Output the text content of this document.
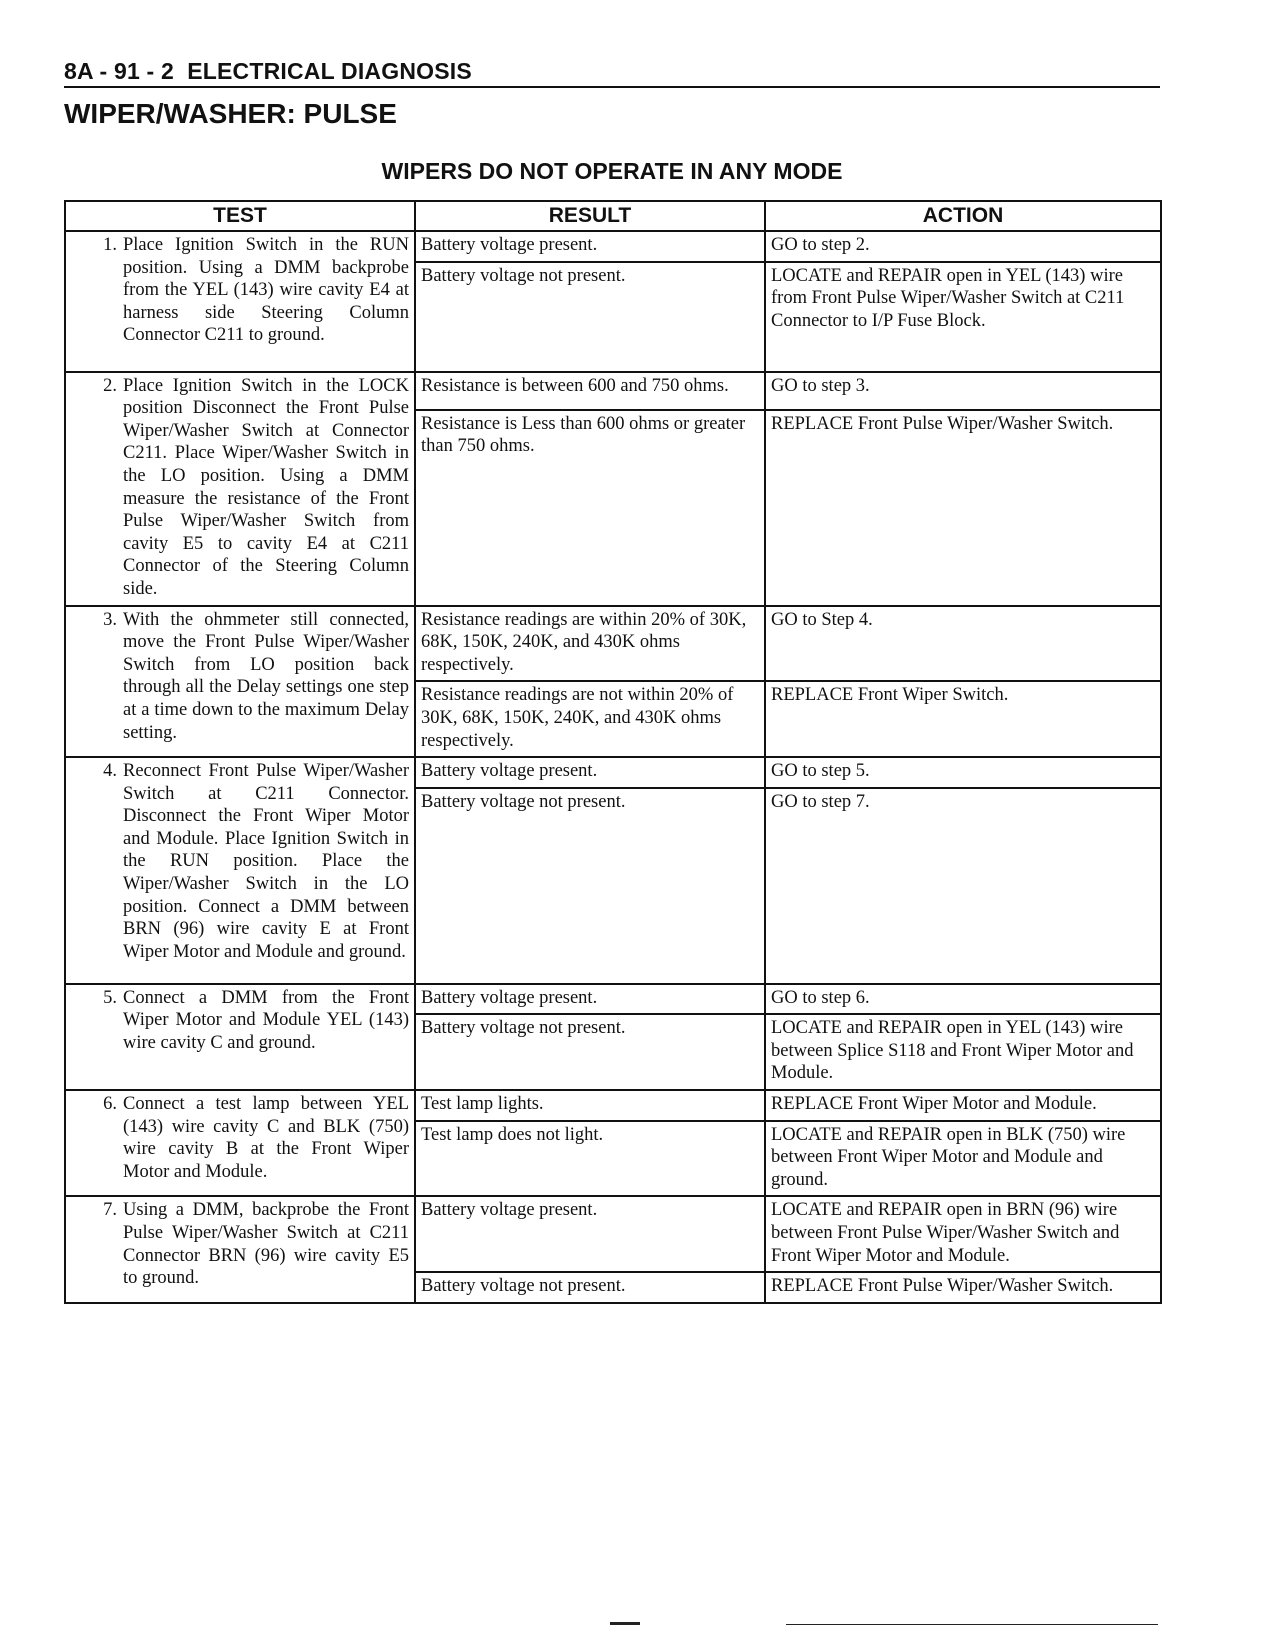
8A - 91 - 2 ELECTRICAL DIAGNOSIS
WIPER/WASHER: PULSE
WIPERS DO NOT OPERATE IN ANY MODE
TEST	RESULT	ACTION

1. Place Ignition Switch in the RUN position. Using a DMM backprobe from the YEL (143) wire cavity E4 at harness side Steering Column Connector C211 to ground.	Battery voltage present.	GO to step 2.
	Battery voltage not present.	LOCATE and REPAIR open in YEL (143) wire from Front Pulse Wiper/Washer Switch at C211 Connector to I/P Fuse Block.

2. Place Ignition Switch in the LOCK position Disconnect the Front Pulse Wiper/Washer Switch at Connector C211. Place Wiper/Washer Switch in the LO position. Using a DMM measure the resistance of the Front Pulse Wiper/Washer Switch from cavity E5 to cavity E4 at C211 Connector of the Steering Column side.	Resistance is between 600 and 750 ohms.	GO to step 3.
	Resistance is Less than 600 ohms or greater than 750 ohms.	REPLACE Front Pulse Wiper/Washer Switch.

3. With the ohmmeter still connected, move the Front Pulse Wiper/Washer Switch from LO position back through all the Delay settings one step at a time down to the maximum Delay setting.	Resistance readings are within 20% of 30K, 68K, 150K, 240K, and 430K ohms respectively.	GO to Step 4.
	Resistance readings are not within 20% of 30K, 68K, 150K, 240K, and 430K ohms respectively.	REPLACE Front Wiper Switch.

4. Reconnect Front Pulse Wiper/Washer Switch at C211 Connector. Disconnect the Front Wiper Motor and Module. Place Ignition Switch in the RUN position. Place the Wiper/Washer Switch in the LO position. Connect a DMM between BRN (96) wire cavity E at Front Wiper Motor and Module and ground.	Battery voltage present.	GO to step 5.
	Battery voltage not present.	GO to step 7.

5. Connect a DMM from the Front Wiper Motor and Module YEL (143) wire cavity C and ground.	Battery voltage present.	GO to step 6.
	Battery voltage not present.	LOCATE and REPAIR open in YEL (143) wire between Splice S118 and Front Wiper Motor and Module.

6. Connect a test lamp between YEL (143) wire cavity C and BLK (750) wire cavity B at the Front Wiper Motor and Module.	Test lamp lights.	REPLACE Front Wiper Motor and Module.
	Test lamp does not light.	LOCATE and REPAIR open in BLK (750) wire between Front Wiper Motor and Module and ground.

7. Using a DMM, backprobe the Front Pulse Wiper/Washer Switch at C211 Connector BRN (96) wire cavity E5 to ground.	Battery voltage present.	LOCATE and REPAIR open in BRN (96) wire between Front Pulse Wiper/Washer Switch and Front Wiper Motor and Module.
	Battery voltage not present.	REPLACE Front Pulse Wiper/Washer Switch.
